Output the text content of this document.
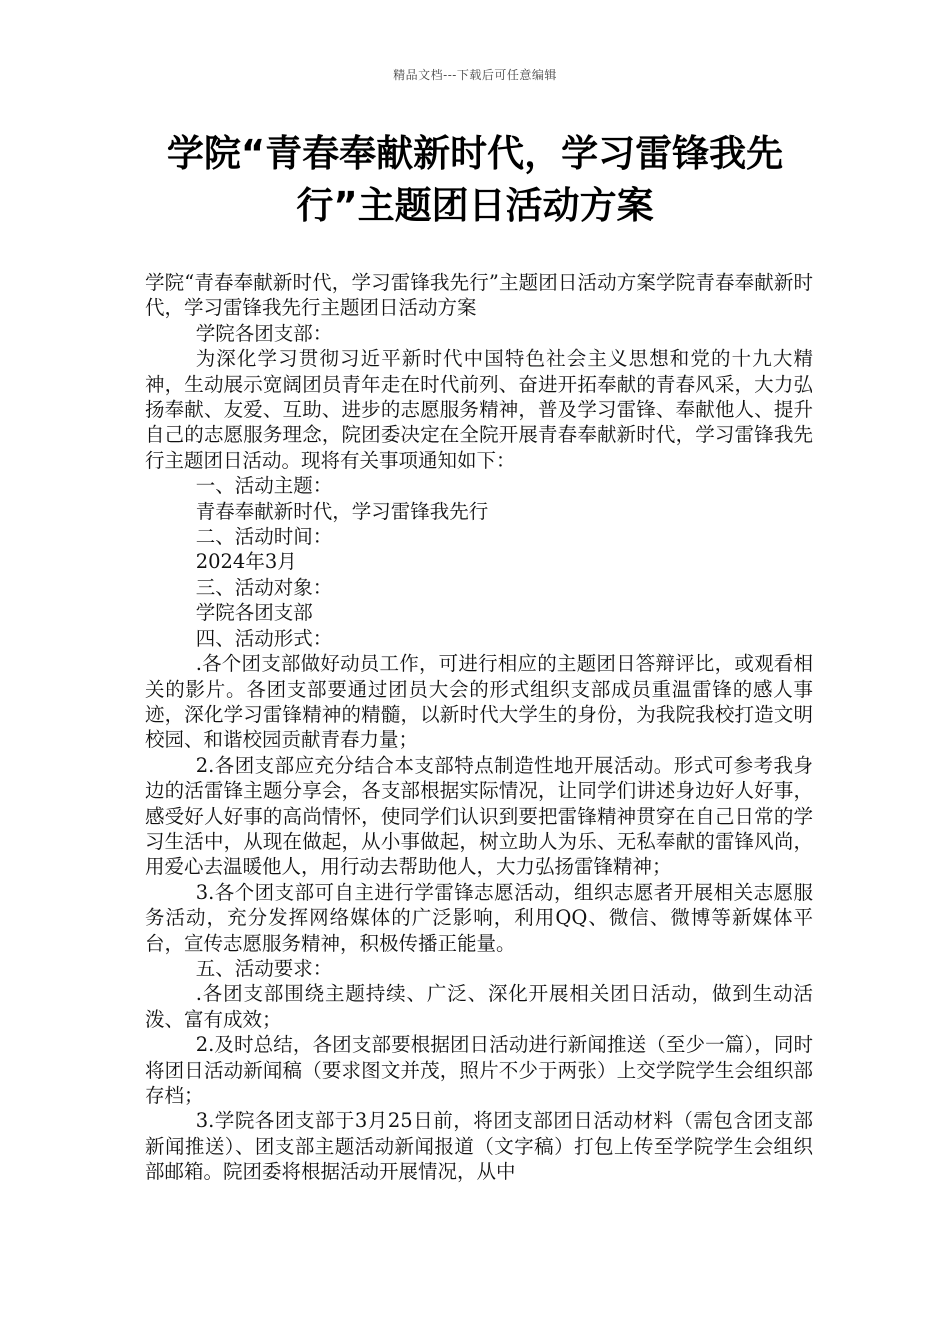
精品文档---下载后可任意编辑
学院“青春奉献新时代，学习雷锋我先行”主题团日活动方案

学院“青春奉献新时代，学习雷锋我先行”主题团日活动方案学院青春奉献新时代，学习雷锋我先行主题团日活动方案

学院各团支部：

为深化学习贯彻习近平新时代中国特色社会主义思想和党的十九大精神，生动展示宽阔团员青年走在时代前列、奋进开拓奉献的青春风采，大力弘扬奉献、友爱、互助、进步的志愿服务精神，普及学习雷锋、奉献他人、提升自己的志愿服务理念，院团委决定在全院开展青春奉献新时代，学习雷锋我先行主题团日活动。现将有关事项通知如下：

一、活动主题：

青春奉献新时代，学习雷锋我先行

二、活动时间：

2024年3月

三、活动对象：

学院各团支部

四、活动形式：

.各个团支部做好动员工作，可进行相应的主题团日答辩评比，或观看相关的影片。各团支部要通过团员大会的形式组织支部成员重温雷锋的感人事迹，深化学习雷锋精神的精髓，以新时代大学生的身份，为我院我校打造文明校园、和谐校园贡献青春力量；

2.各团支部应充分结合本支部特点制造性地开展活动。形式可参考我身边的活雷锋主题分享会，各支部根据实际情况，让同学们讲述身边好人好事，感受好人好事的高尚情怀，使同学们认识到要把雷锋精神贯穿在自己日常的学习生活中，从现在做起，从小事做起，树立助人为乐、无私奉献的雷锋风尚，用爱心去温暖他人，用行动去帮助他人，大力弘扬雷锋精神；

3.各个团支部可自主进行学雷锋志愿活动，组织志愿者开展相关志愿服务活动，充分发挥网络媒体的广泛影响，利用QQ、微信、微博等新媒体平台，宣传志愿服务精神，积极传播正能量。

五、活动要求：

.各团支部围绕主题持续、广泛、深化开展相关团日活动，做到生动活泼、富有成效；

2.及时总结，各团支部要根据团日活动进行新闻推送（至少一篇），同时将团日活动新闻稿（要求图文并茂，照片不少于两张）上交学院学生会组织部存档；

3.学院各团支部于3月25日前，将团支部团日活动材料（需包含团支部新闻推送）、团支部主题活动新闻报道（文字稿）打包上传至学院学生会组织部邮箱。院团委将根据活动开展情况，从中
